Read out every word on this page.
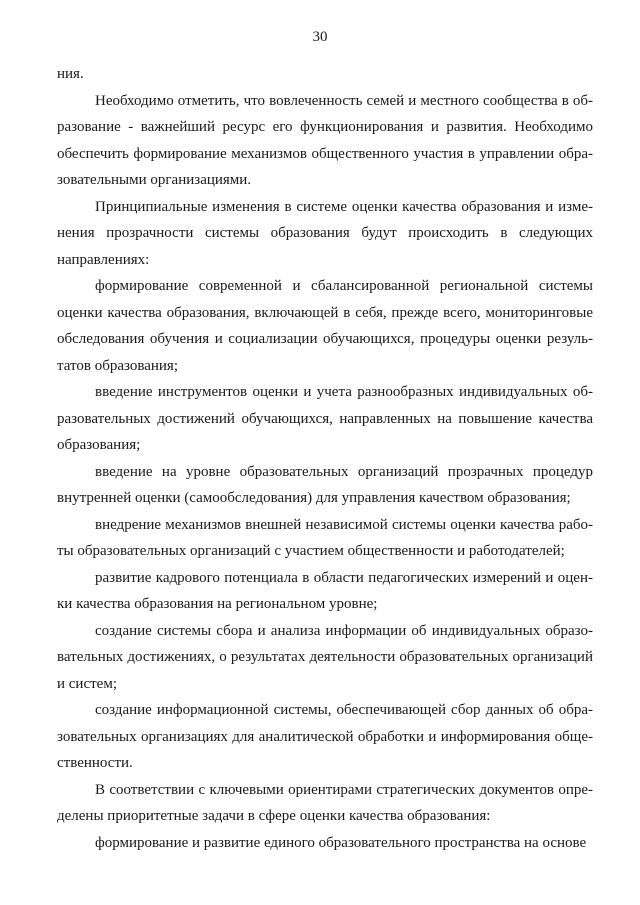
30
ния.
Необходимо отметить, что вовлеченность семей и местного сообщества в об-
разование - важнейший ресурс его функционирования и развития. Необходимо
обеспечить формирование механизмов общественного участия в управлении обра-
зовательными организациями.
Принципиальные изменения в системе оценки качества образования и изме-
нения прозрачности системы образования будут происходить в следующих
направлениях:
формирование современной и сбалансированной региональной системы
оценки качества образования, включающей в себя, прежде всего, мониторинговые
обследования обучения и социализации обучающихся, процедуры оценки резуль-
татов образования;
введение инструментов оценки и учета разнообразных индивидуальных об-
разовательных достижений обучающихся, направленных на повышение качества
образования;
введение на уровне образовательных организаций прозрачных процедур
внутренней оценки (самообследования) для управления качеством образования;
внедрение механизмов внешней независимой системы оценки качества рабо-
ты образовательных организаций с участием общественности и работодателей;
развитие кадрового потенциала в области педагогических измерений и оцен-
ки качества образования на региональном уровне;
создание системы сбора и анализа информации об индивидуальных образо-
вательных достижениях, о результатах деятельности образовательных организаций
и систем;
создание информационной системы, обеспечивающей сбор данных об обра-
зовательных организациях для аналитической обработки и информирования обще-
ственности.
В соответствии с ключевыми ориентирами стратегических документов опре-
делены приоритетные задачи в сфере оценки качества образования:
формирование и развитие единого образовательного пространства на основе
